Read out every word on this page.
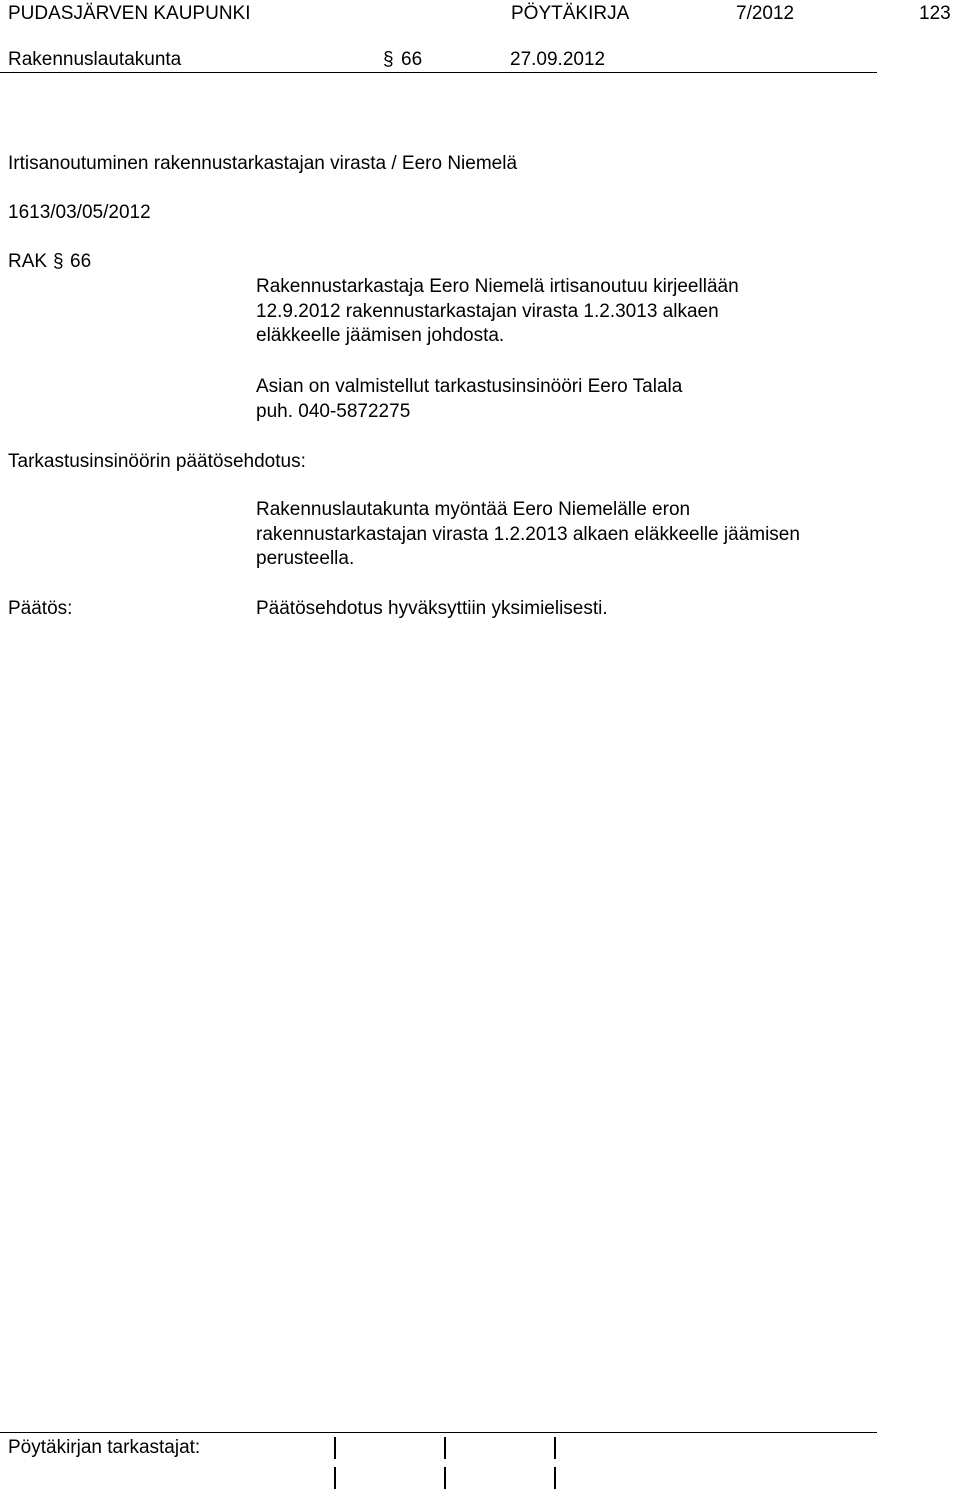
PUDASJÄRVEN KAUPUNKI	PÖYTÄKIRJA	7/2012	123
Rakennuslautakunta	§ 66	27.09.2012
Irtisanoutuminen rakennustarkastajan virasta / Eero Niemelä
1613/03/05/2012
RAK § 66
Rakennustarkastaja Eero Niemelä irtisanoutuu kirjeellään
12.9.2012 rakennustarkastajan virasta 1.2.3013 alkaen
eläkkeelle jäämisen johdosta.
Asian on valmistellut tarkastusinsinööri Eero Talala
puh. 040-5872275
Tarkastusinsinöörin päätösehdotus:
Rakennuslautakunta myöntää Eero Niemelälle eron
rakennustarkastajan virasta 1.2.2013 alkaen eläkkeelle jäämisen
perusteella.
Päätös:	Päätösehdotus hyväksyttiin yksimielisesti.
Pöytäkirjan tarkastajat:
